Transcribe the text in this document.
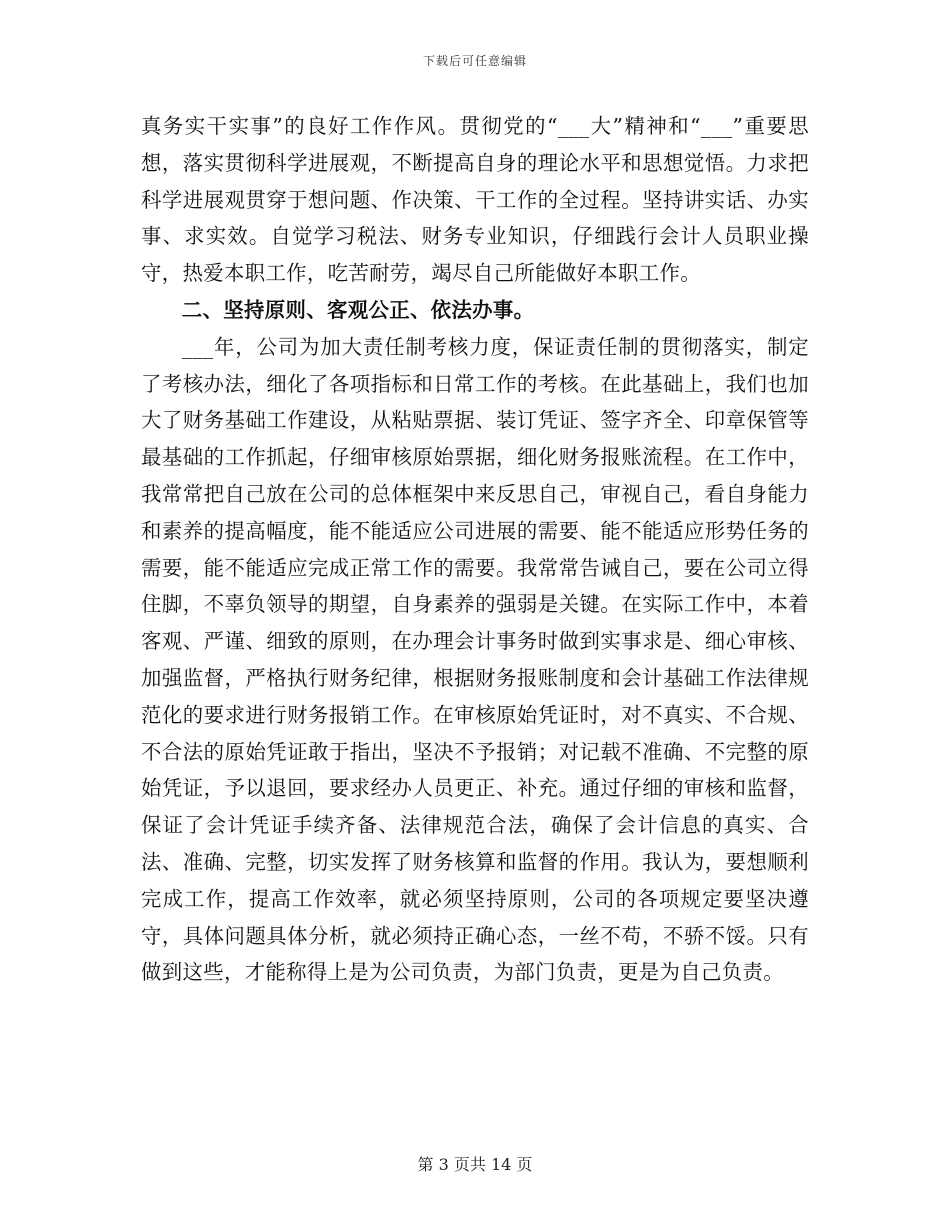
下载后可任意编辑

真务实干实事”的良好工作作风。贯彻党的“___大”精神和“___”重要思想，落实贯彻科学进展观，不断提高自身的理论水平和思想觉悟。力求把科学进展观贯穿于想问题、作决策、干工作的全过程。坚持讲实话、办实事、求实效。自觉学习税法、财务专业知识，仔细践行会计人员职业操守，热爱本职工作，吃苦耐劳，竭尽自己所能做好本职工作。

二、坚持原则、客观公正、依法办事。

___年，公司为加大责任制考核力度，保证责任制的贯彻落实，制定了考核办法，细化了各项指标和日常工作的考核。在此基础上，我们也加大了财务基础工作建设，从粘贴票据、装订凭证、签字齐全、印章保管等最基础的工作抓起，仔细审核原始票据，细化财务报账流程。在工作中，我常常把自己放在公司的总体框架中来反思自己，审视自己，看自身能力和素养的提高幅度，能不能适应公司进展的需要、能不能适应形势任务的需要，能不能适应完成正常工作的需要。我常常告诫自己，要在公司立得住脚，不辜负领导的期望，自身素养的强弱是关键。在实际工作中，本着客观、严谨、细致的原则，在办理会计事务时做到实事求是、细心审核、加强监督，严格执行财务纪律，根据财务报账制度和会计基础工作法律规范化的要求进行财务报销工作。在审核原始凭证时，对不真实、不合规、不合法的原始凭证敢于指出，坚决不予报销；对记载不准确、不完整的原始凭证，予以退回，要求经办人员更正、补充。通过仔细的审核和监督，保证了会计凭证手续齐备、法律规范合法，确保了会计信息的真实、合法、准确、完整，切实发挥了财务核算和监督的作用。我认为，要想顺利完成工作，提高工作效率，就必须坚持原则，公司的各项规定要坚决遵守，具体问题具体分析，就必须持正确心态，一丝不苟，不骄不馁。只有做到这些，才能称得上是为公司负责，为部门负责，更是为自己负责。

第 3 页共 14 页
